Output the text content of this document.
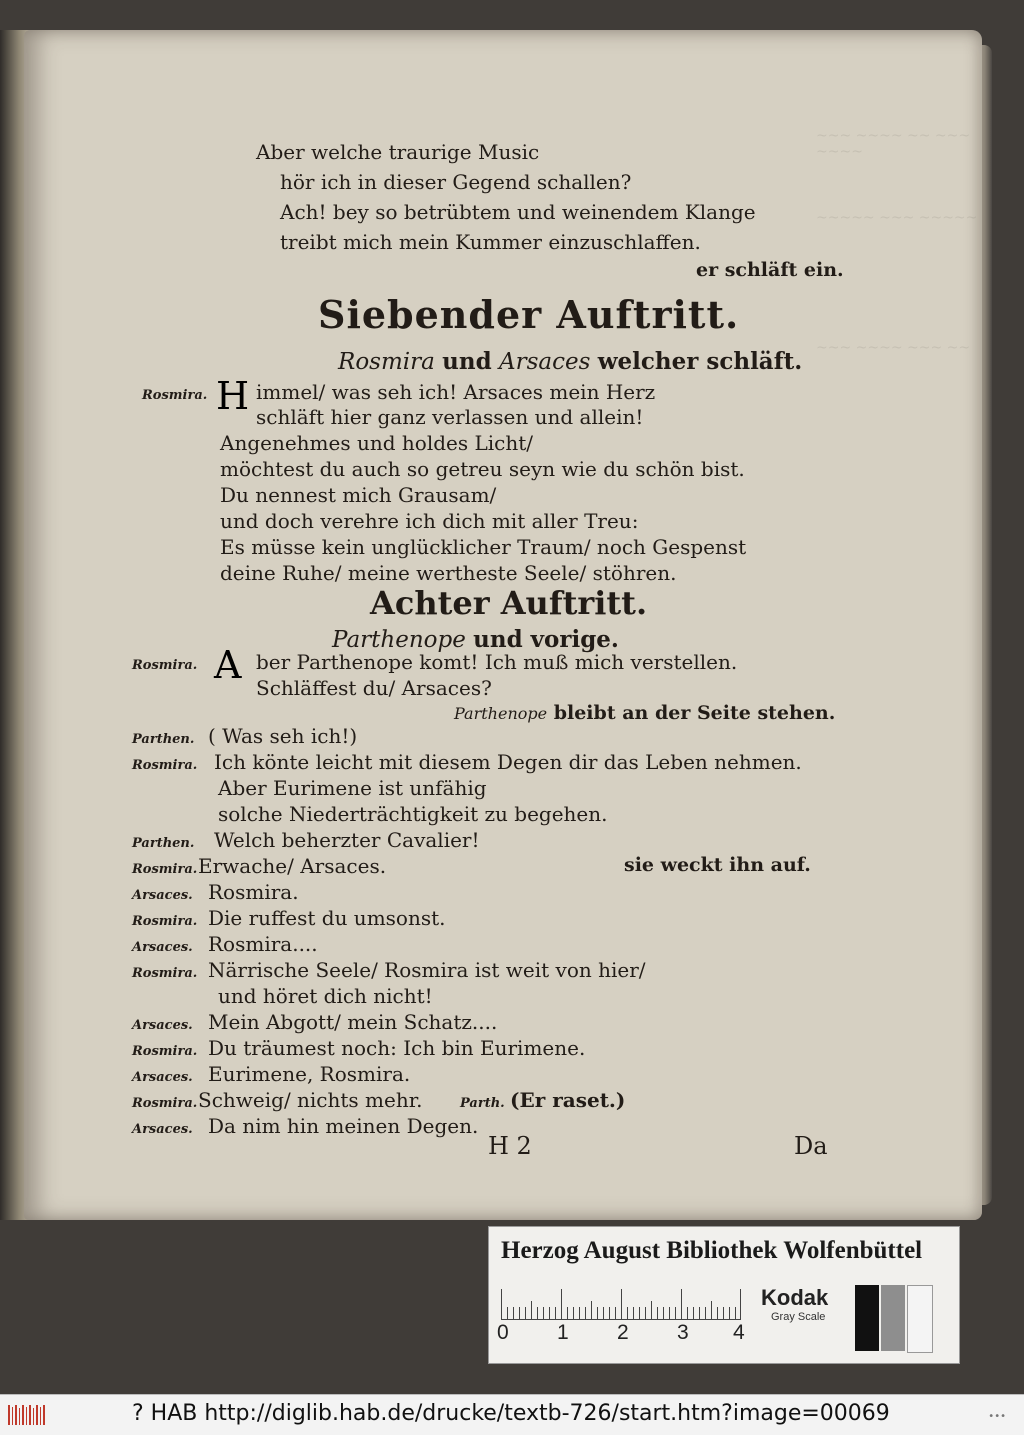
~~~ ~~~~ ~~ ~~~ ~~~~
~~~~~ ~~~ ~~~~~
~~~ ~~~~ ~~~ ~~
Aber welche traurige Music
hör ich in dieser Gegend schallen?
Ach! bey so betrübtem und weinendem Klange
treibt mich mein Kummer einzuschlaffen.
er schläft ein.
Siebender Auftritt.
Rosmira und Arsaces welcher schläft.
Rosmira. H immel/ was seh ich! Arsaces mein Herz
schläft hier ganz verlassen und allein!
Angenehmes und holdes Licht/
möchtest du auch so getreu seyn wie du schön bist.
Du nennest mich Grausam/
und doch verehre ich dich mit aller Treu:
Es müsse kein unglücklicher Traum/ noch Gespenst
deine Ruhe/ meine wertheste Seele/ stöhren.
Achter Auftritt.
Parthenope und vorige.
Rosmira. A ber Parthenope komt! Ich muß mich verstellen.
Schläffest du/ Arsaces?
Parthenope bleibt an der Seite stehen.
Parthen. ( Was seh ich!)
Rosmira. Ich könte leicht mit diesem Degen dir das Leben nehmen.
Aber Eurimene ist unfähig
solche Niederträchtigkeit zu begehen.
Parthen. Welch beherzter Cavalier!
Rosmira. Erwache/ Arsaces.	sie weckt ihn auf.
Arsaces. Rosmira.
Rosmira. Die ruffest du umsonst.
Arsaces. Rosmira....
Rosmira. Närrische Seele/ Rosmira ist weit von hier/
und höret dich nicht!
Arsaces. Mein Abgott/ mein Schatz....
Rosmira. Du träumest noch: Ich bin Eurimene.
Arsaces. Eurimene, Rosmira.
Rosmira. Schweig/ nichts mehr.	Parth. (Er raset.)
Arsaces. Da nim hin meinen Degen.
H 2	Da
Herzog August Bibliothek Wolfenbüttel
0 1 2 3 4
Kodak
Gray Scale
? HAB http://diglib.hab.de/drucke/textb-726/start.htm?image=00069	•••
